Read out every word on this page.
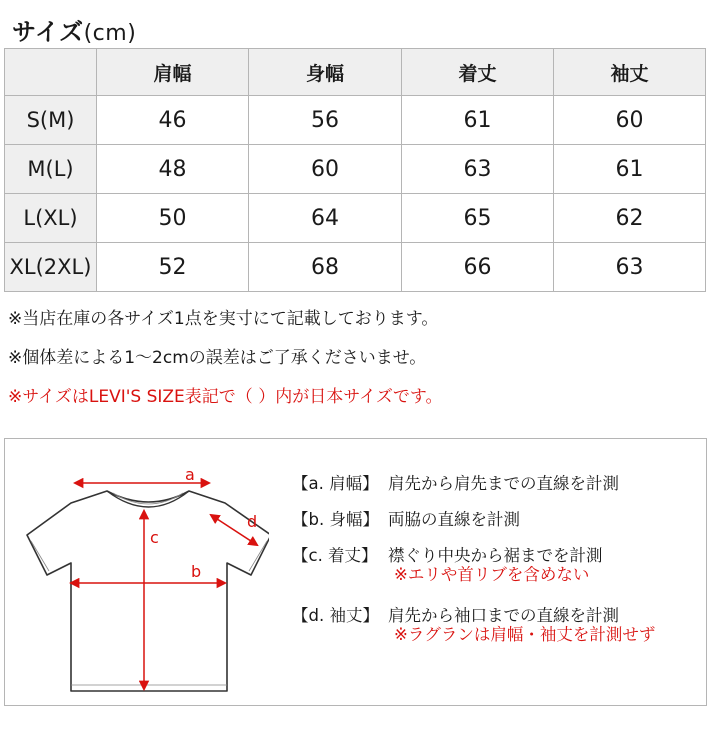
サイズ(cm)
	肩幅	身幅	着丈	袖丈
S(M)	46	56	61	60
M(L)	48	60	63	61
L(XL)	50	64	65	62
XL(2XL)	52	68	66	63
※当店在庫の各サイズ1点を実寸にて記載しております。
※個体差による1〜2cmの誤差はご了承くださいませ。
※サイズはLEVI'S SIZE表記で（ ）内が日本サイズです。
a
c
b
d
【a. 肩幅】 肩先から肩先までの直線を計測
【b. 身幅】 両脇の直線を計測
【c. 着丈】 襟ぐり中央から裾までを計測
※エリや首リブを含めない
【d. 袖丈】 肩先から袖口までの直線を計測
※ラグランは肩幅・袖丈を計測せず
